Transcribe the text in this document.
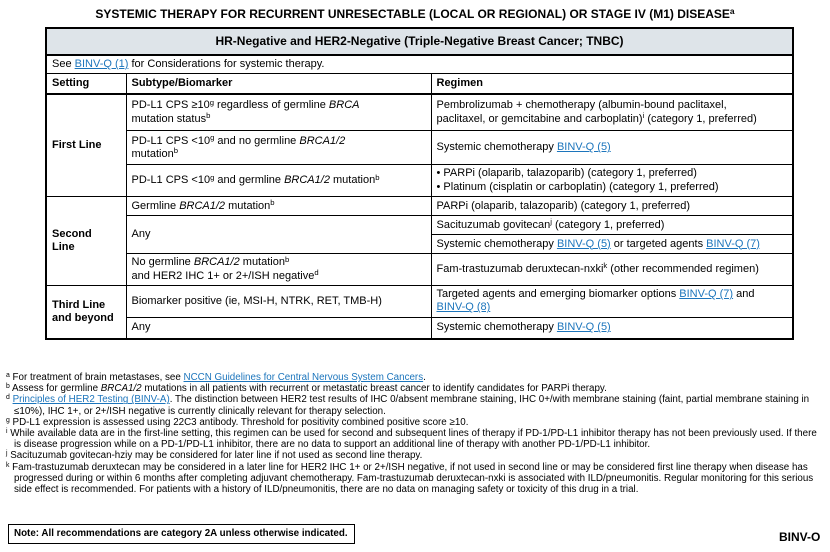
SYSTEMIC THERAPY FOR RECURRENT UNRESECTABLE (LOCAL OR REGIONAL) OR STAGE IV (M1) DISEASE$^a$
HR-Negative and HER2-Negative (Triple-Negative Breast Cancer; TNBC)		
See BINV-Q (1) for Considerations for systemic therapy.		
Setting	Subtype/Biomarker	Regimen
First Line	PD-L1 CPS $\ge 10^g$ regardless of germline BRCA
mutation status$^b$	Pembrolizumab + chemotherapy (albumin-bound paclitaxel,
paclitaxel, or gemcitabine and carboplatin)$^i$ (category 1, preferred)
	PD-L1 CPS $<10^g$ and no germline BRCA1/2
mutation$^b$	Systemic chemotherapy BINV-Q (5)
	PD-L1 CPS $<10^g$ and germline BRCA1/2 mutation$^b$	• PARPi (olaparib, talazoparib) (category 1, preferred)
• Platinum (cisplatin or carboplatin) (category 1, preferred)
Second
Line	Germline BRCA1/2 mutation$^b$	PARPi (olaparib, talazoparib) (category 1, preferred)
	Any	Sacituzumab govitecan$^j$ (category 1, preferred)
		Systemic chemotherapy BINV-Q (5) or targeted agents BINV-Q (7)
	No germline BRCA1/2 mutation$^b$
and HER2 IHC 1+ or 2+/ISH negative$^d$	Fam-trastuzumab deruxtecan-nxki$^k$ (other recommended regimen)
Third Line
and beyond	Biomarker positive (ie, MSI-H, NTRK, RET, TMB-H)	Targeted agents and emerging biomarker options BINV-Q (7) and
BINV-Q (8)
	Any	Systemic chemotherapy BINV-Q (5)
$^a$ For treatment of brain metastases, see NCCN Guidelines for Central Nervous System Cancers.
$^b$ Assess for germline BRCA1/2 mutations in all patients with recurrent or metastatic breast cancer to identify candidates for PARPi therapy.
$^d$ Principles of HER2 Testing (BINV-A). The distinction between HER2 test results of IHC 0/absent membrane staining, IHC 0+/with membrane staining (faint, partial membrane staining in ≤10%), IHC 1+, or 2+/ISH negative is currently clinically relevant for therapy selection.
$^g$ PD-L1 expression is assessed using 22C3 antibody. Threshold for positivity combined positive score ≥10.
$^i$ While available data are in the first-line setting, this regimen can be used for second and subsequent lines of therapy if PD-1/PD-L1 inhibitor therapy has not been previously used. If there is disease progression while on a PD-1/PD-L1 inhibitor, there are no data to support an additional line of therapy with another PD-1/PD-L1 inhibitor.
$^j$ Sacituzumab govitecan-hziy may be considered for later line if not used as second line therapy.
$^k$ Fam-trastuzumab deruxtecan may be considered in a later line for HER2 IHC 1+ or 2+/ISH negative, if not used in second line or may be considered first line therapy when disease has progressed during or within 6 months after completing adjuvant chemotherapy. Fam-trastuzumab deruxtecan-nxki is associated with ILD/pneumonitis. Regular monitoring for this serious side effect is recommended. For patients with a history of ILD/pneumonitis, there are no data on managing safety or toxicity of this drug in a trial.
Note: All recommendations are category 2A unless otherwise indicated.	BINV-O
